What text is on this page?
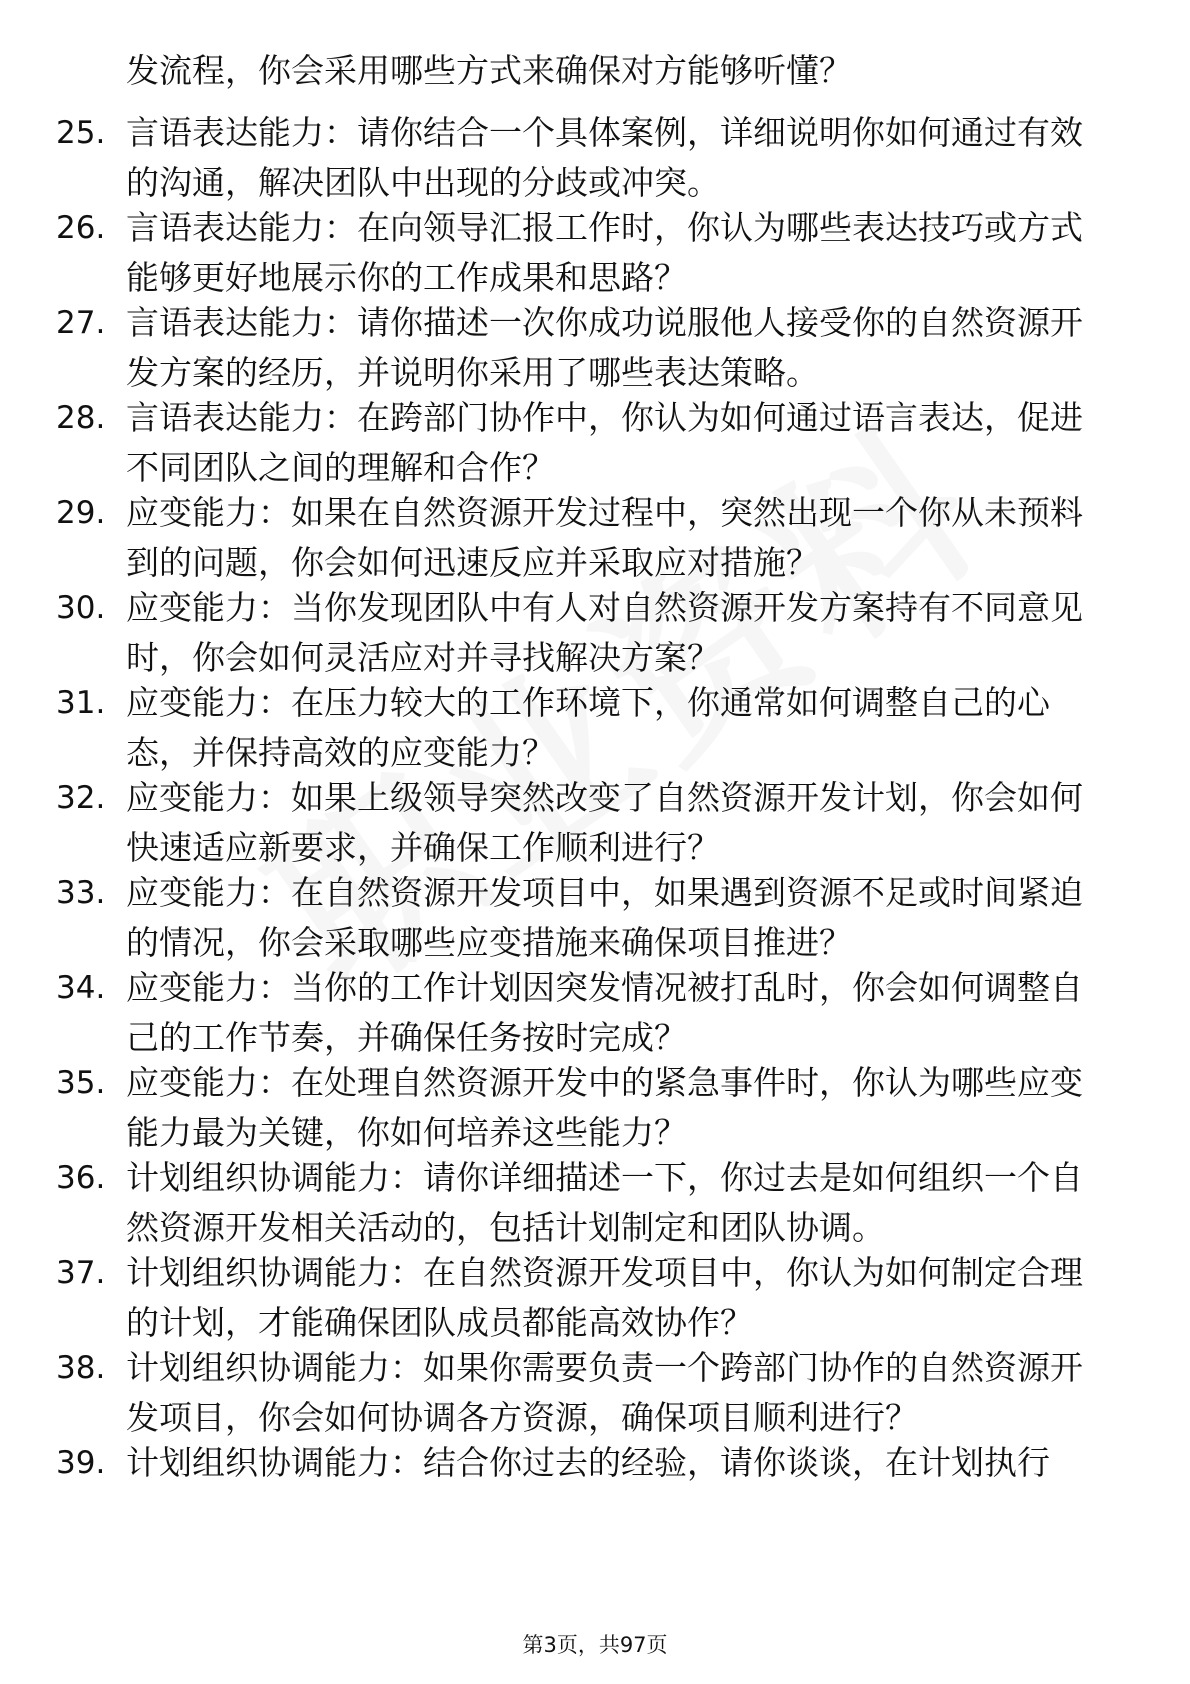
发流程，你会采用哪些方式来确保对方能够听懂？
25. 言语表达能力：请你结合一个具体案例，详细说明你如何通过有效的沟通，解决团队中出现的分歧或冲突。
26. 言语表达能力：在向领导汇报工作时，你认为哪些表达技巧或方式能够更好地展示你的工作成果和思路？
27. 言语表达能力：请你描述一次你成功说服他人接受你的自然资源开发方案的经历，并说明你采用了哪些表达策略。
28. 言语表达能力：在跨部门协作中，你认为如何通过语言表达，促进不同团队之间的理解和合作？
29. 应变能力：如果在自然资源开发过程中，突然出现一个你从未预料到的问题，你会如何迅速反应并采取应对措施？
30. 应变能力：当你发现团队中有人对自然资源开发方案持有不同意见时，你会如何灵活应对并寻找解决方案？
31. 应变能力：在压力较大的工作环境下，你通常如何调整自己的心态，并保持高效的应变能力？
32. 应变能力：如果上级领导突然改变了自然资源开发计划，你会如何快速适应新要求，并确保工作顺利进行？
33. 应变能力：在自然资源开发项目中，如果遇到资源不足或时间紧迫的情况，你会采取哪些应变措施来确保项目推进？
34. 应变能力：当你的工作计划因突发情况被打乱时，你会如何调整自己的工作节奏，并确保任务按时完成？
35. 应变能力：在处理自然资源开发中的紧急事件时，你认为哪些应变能力最为关键，你如何培养这些能力？
36. 计划组织协调能力：请你详细描述一下，你过去是如何组织一个自然资源开发相关活动的，包括计划制定和团队协调。
37. 计划组织协调能力：在自然资源开发项目中，你认为如何制定合理的计划，才能确保团队成员都能高效协作？
38. 计划组织协调能力：如果你需要负责一个跨部门协作的自然资源开发项目，你会如何协调各方资源，确保项目顺利进行？
39. 计划组织协调能力：结合你过去的经验，请你谈谈，在计划执行
第3页，共97页
